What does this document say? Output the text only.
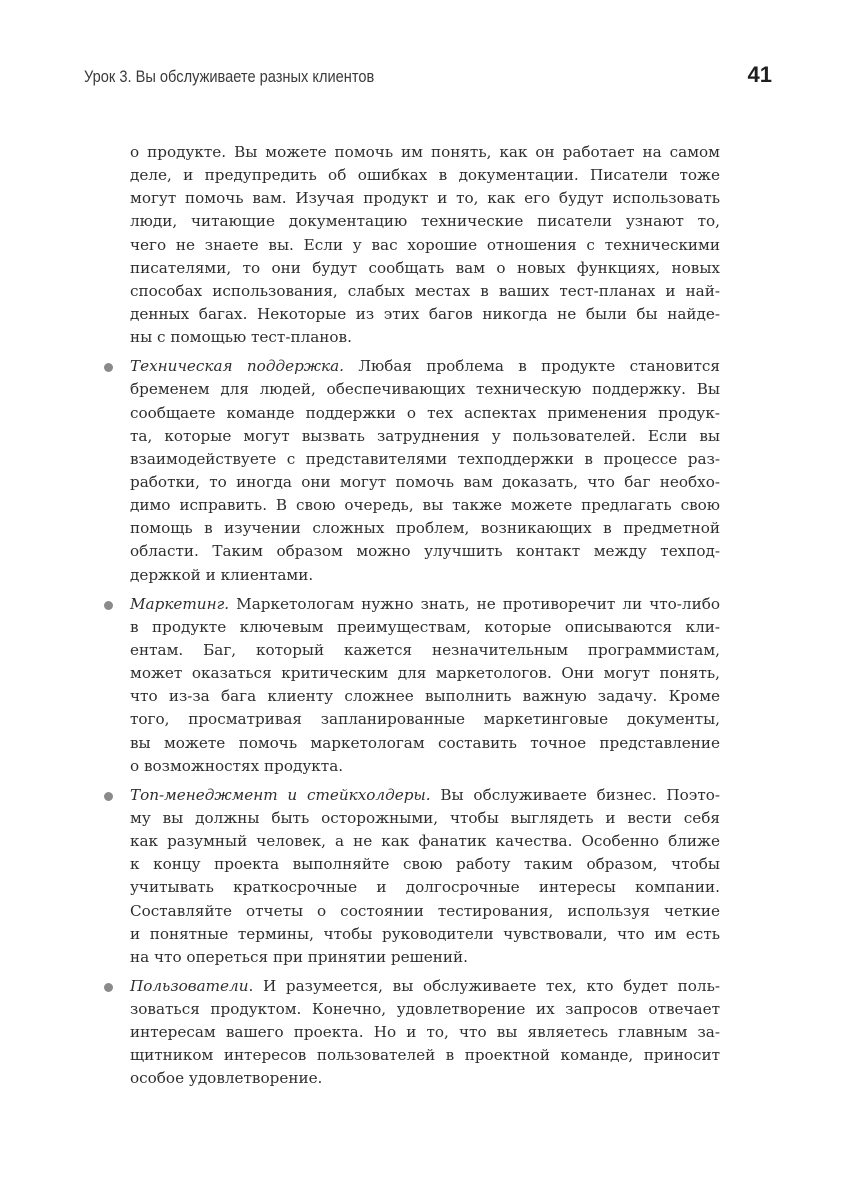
Урок 3. Вы обслуживаете разных клиентов	41
о продукте. Вы можете помочь им понять, как он работает на самом
деле, и предупредить об ошибках в документации. Писатели тоже
могут помочь вам. Изучая продукт и то, как его будут использовать
люди, читающие документацию технические писатели узнают то,
чего не знаете вы. Если у вас хорошие отношения с техническими
писателями, то они будут сообщать вам о новых функциях, новых
способах использования, слабых местах в ваших тест-планах и най-
денных багах. Некоторые из этих багов никогда не были бы найде-
ны с помощью тест-планов.
Техническая поддержка. Любая проблема в продукте становится
бременем для людей, обеспечивающих техническую поддержку. Вы
сообщаете команде поддержки о тех аспектах применения продук-
та, которые могут вызвать затруднения у пользователей. Если вы
взаимодействуете с представителями техподдержки в процессе раз-
работки, то иногда они могут помочь вам доказать, что баг необхо-
димо исправить. В свою очередь, вы также можете предлагать свою
помощь в изучении сложных проблем, возникающих в предметной
области. Таким образом можно улучшить контакт между техпод-
держкой и клиентами.
Маркетинг. Маркетологам нужно знать, не противоречит ли что-либо
в продукте ключевым преимуществам, которые описываются кли-
ентам. Баг, который кажется незначительным программистам,
может оказаться критическим для маркетологов. Они могут понять,
что из-за бага клиенту сложнее выполнить важную задачу. Кроме
того, просматривая запланированные маркетинговые документы,
вы можете помочь маркетологам составить точное представление
о возможностях продукта.
Топ-менеджмент и стейкхолдеры. Вы обслуживаете бизнес. Поэто-
му вы должны быть осторожными, чтобы выглядеть и вести себя
как разумный человек, а не как фанатик качества. Особенно ближе
к концу проекта выполняйте свою работу таким образом, чтобы
учитывать краткосрочные и долгосрочные интересы компании.
Составляйте отчеты о состоянии тестирования, используя четкие
и понятные термины, чтобы руководители чувствовали, что им есть
на что опереться при принятии решений.
Пользователи. И разумеется, вы обслуживаете тех, кто будет поль-
зоваться продуктом. Конечно, удовлетворение их запросов отвечает
интересам вашего проекта. Но и то, что вы являетесь главным за-
щитником интересов пользователей в проектной команде, приносит
особое удовлетворение.
